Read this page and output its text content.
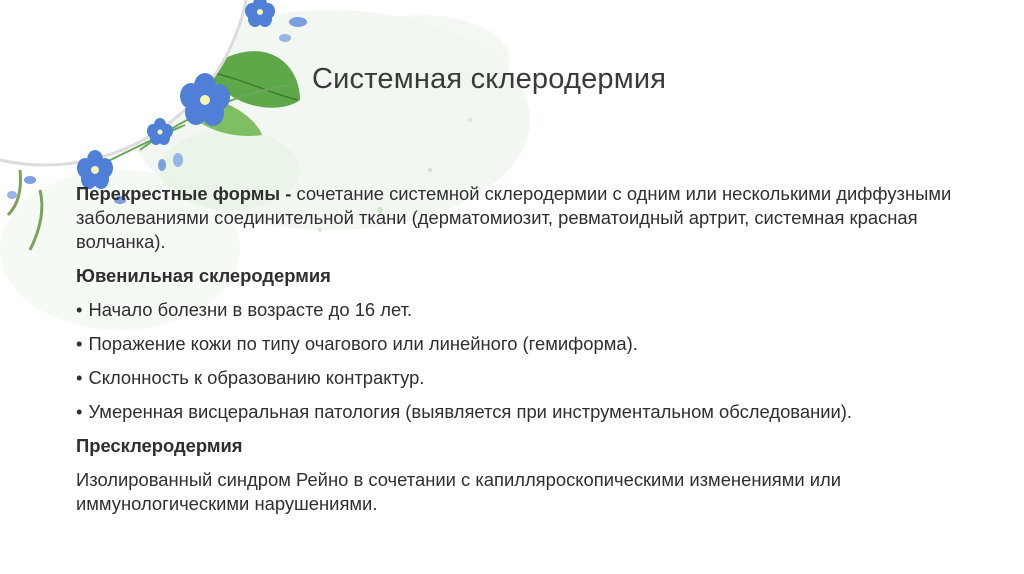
Системная склеродермия

Перекрестные формы - сочетание системной склеродермии с одним или несколькими диффузными заболеваниями соединительной ткани (дерматомиозит, ревматоидный артрит, системная красная волчанка).

Ювенильная склеродермия

• Начало болезни в возрасте до 16 лет.

• Поражение кожи по типу очагового или линейного (гемиформа).

• Склонность к образованию контрактур.

• Умеренная висцеральная патология (выявляется при инструментальном обследовании).

Пресклеродермия

Изолированный синдром Рейно в сочетании с капилляроскопическими изменениями или иммунологическими нарушениями.
